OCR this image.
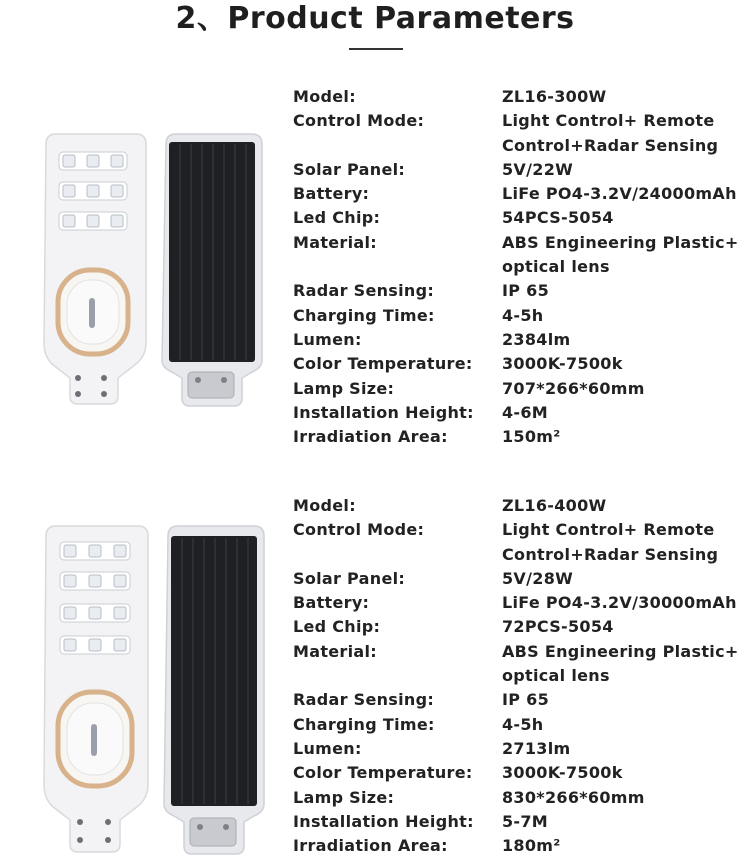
2、Product Parameters
Model:	ZL16-300W
Control Mode:	Light Control+ Remote Control+Radar Sensing
Solar Panel:	5V/22W
Battery:	LiFe PO4-3.2V/24000mAh
Led Chip:	54PCS-5054
Material:	ABS Engineering Plastic+ optical lens
Radar Sensing:	IP 65
Charging Time:	4-5h
Lumen:	2384lm
Color Temperature:	3000K-7500k
Lamp Size:	707*266*60mm
Installation Height:	4-6M
Irradiation Area:	150m²
Model:	ZL16-400W
Control Mode:	Light Control+ Remote Control+Radar Sensing
Solar Panel:	5V/28W
Battery:	LiFe PO4-3.2V/30000mAh
Led Chip:	72PCS-5054
Material:	ABS Engineering Plastic+ optical lens
Radar Sensing:	IP 65
Charging Time:	4-5h
Lumen:	2713lm
Color Temperature:	3000K-7500k
Lamp Size:	830*266*60mm
Installation Height:	5-7M
Irradiation Area:	180m²
